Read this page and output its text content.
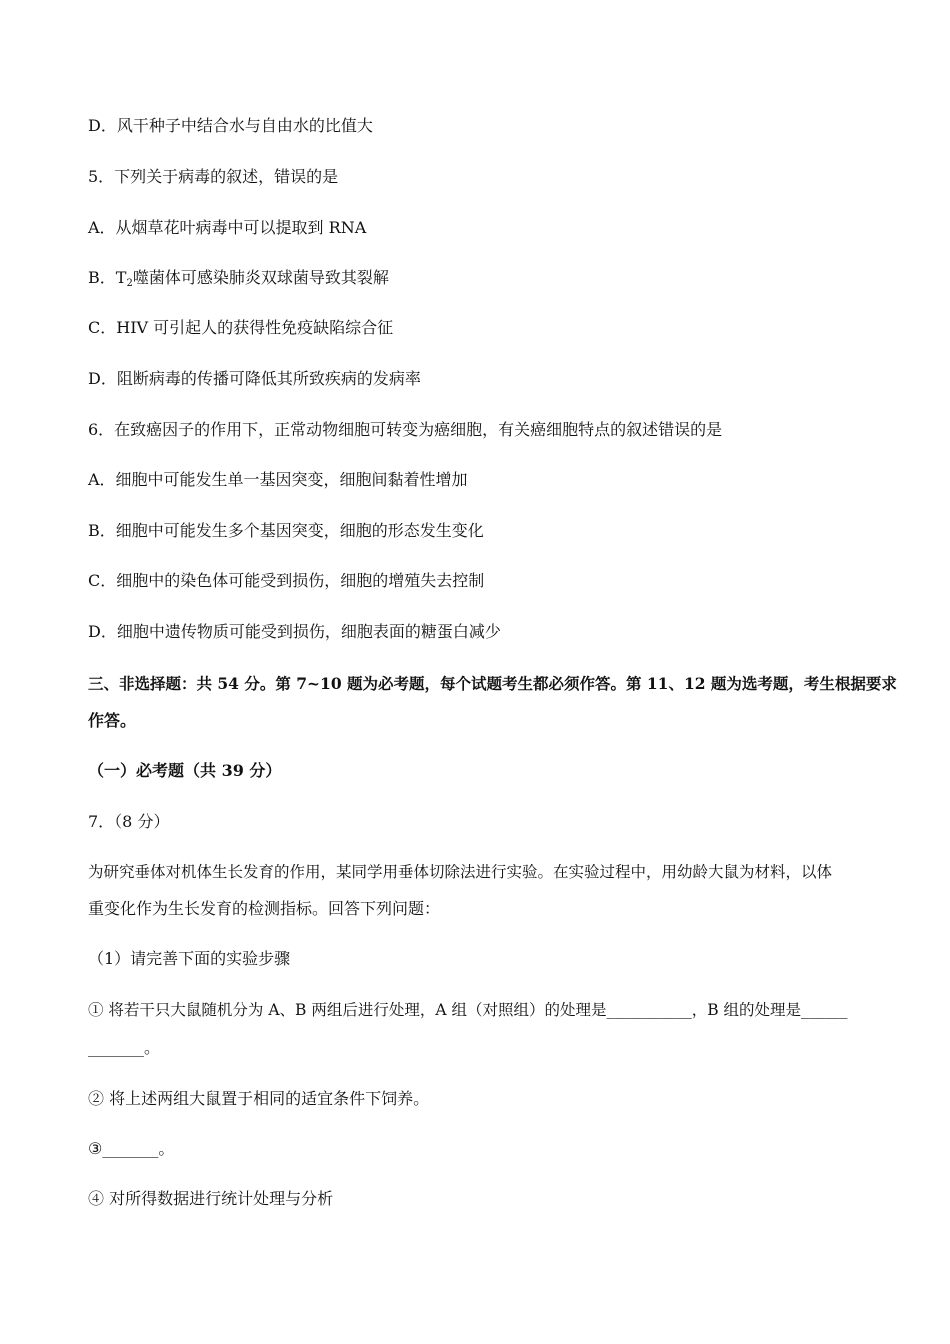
D．风干种子中结合水与自由水的比值大
5．下列关于病毒的叙述，错误的是
A．从烟草花叶病毒中可以提取到 RNA
B．$T_2$噬菌体可感染肺炎双球菌导致其裂解
C．HIV 可引起人的获得性免疫缺陷综合征
D．阻断病毒的传播可降低其所致疾病的发病率
6．在致癌因子的作用下，正常动物细胞可转变为癌细胞，有关癌细胞特点的叙述错误的是
A．细胞中可能发生单一基因突变，细胞间黏着性增加
B．细胞中可能发生多个基因突变，细胞的形态发生变化
C．细胞中的染色体可能受到损伤，细胞的增殖失去控制
D．细胞中遗传物质可能受到损伤，细胞表面的糖蛋白减少
三、非选择题：共 54 分。第 7~10 题为必考题，每个试题考生都必须作答。第 11、12 题为选考题，考生根据要求
作答。
（一）必考题（共 39 分）
7．（8 分）
为研究垂体对机体生长发育的作用，某同学用垂体切除法进行实验。在实验过程中，用幼龄大鼠为材料，以体
重变化作为生长发育的检测指标。回答下列问题：
（1）请完善下面的实验步骤
① 将若干只大鼠随机分为 A、B 两组后进行处理，A 组（对照组）的处理是___________，B 组的处理是______
_______。
② 将上述两组大鼠置于相同的适宜条件下饲养。
③_______。
④ 对所得数据进行统计处理与分析
